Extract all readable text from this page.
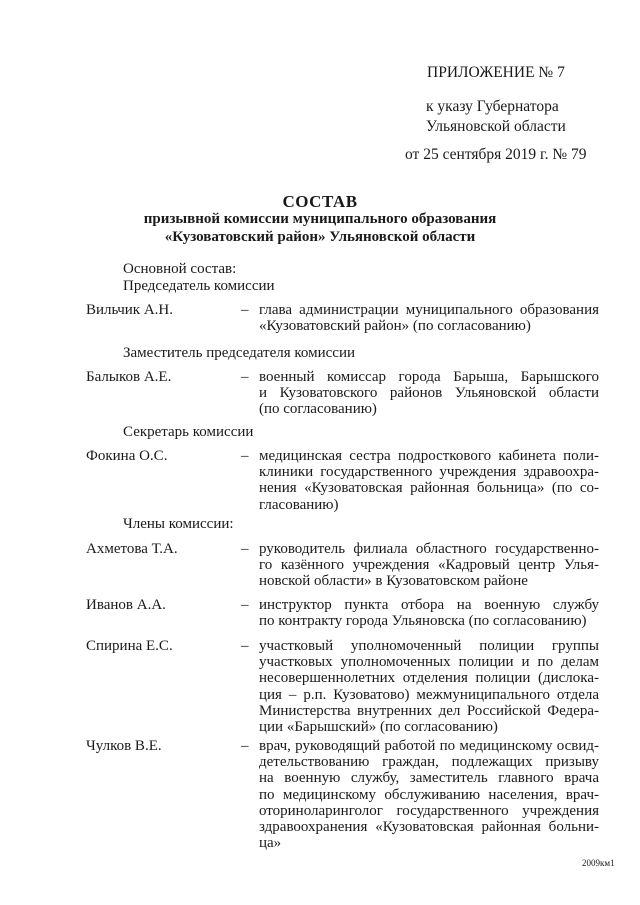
ПРИЛОЖЕНИЕ № 7
к указу Губернатора
Ульяновской области
от 25 сентября 2019 г. № 79
СОСТАВ
призывной комиссии муниципального образования
«Кузоватовский район» Ульяновской области
Основной состав:
Председатель комиссии
Вильчик А.Н.	– глава администрации муниципального образования
«Кузоватовский район» (по согласованию)
Заместитель председателя комиссии
Балыков А.Е.	– военный комиссар города Барыша, Барышского
и Кузоватовского районов Ульяновской области
(по согласованию)
Секретарь комиссии
Фокина О.С.	– медицинская сестра подросткового кабинета поли-
клиники государственного учреждения здравоохра-
нения «Кузоватовская районная больница» (по со-
гласованию)
Члены комиссии:
Ахметова Т.А.	– руководитель филиала областного государственно-
го казённого учреждения «Кадровый центр Улья-
новской области» в Кузоватовском районе
Иванов А.А.	– инструктор пункта отбора на военную службу
по контракту города Ульяновска (по согласованию)
Спирина Е.С.	– участковый уполномоченный полиции группы
участковых уполномоченных полиции и по делам
несовершеннолетних отделения полиции (дислока-
ция – р.п. Кузоватово) межмуниципального отдела
Министерства внутренних дел Российской Федера-
ции «Барышский» (по согласованию)
Чулков В.Е.	– врач, руководящий работой по медицинскому освид-
детельствованию граждан, подлежащих призыву
на военную службу, заместитель главного врача
по медицинскому обслуживанию населения, врач-
оториноларинголог государственного учреждения
здравоохранения «Кузоватовская районная больни-
ца»
2009км1
